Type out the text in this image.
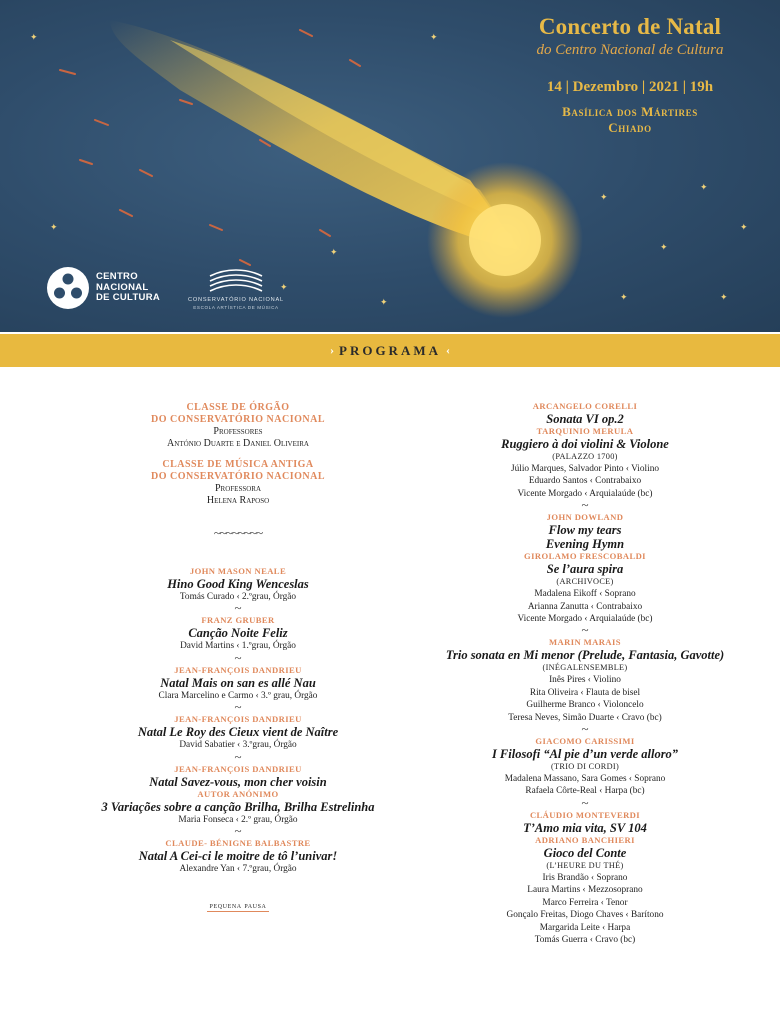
✦
✦
✦
✦
✦
✦
✦
✦
✦
✦
✦
✦
Concerto de Natal
do Centro Nacional de Cultura
14 | Dezembro | 2021 | 19h
Basílica dos Mártires
Chiado
CENTRO
NACIONAL
DE CULTURA	CONSERVATÓRIO NACIONAL
ESCOLA ARTÍSTICA DE MÚSICA
› PROGRAMA ‹
CLASSE DE ÓRGÃO
DO CONSERVATÓRIO NACIONAL
Professores
António Duarte e Daniel Oliveira
CLASSE DE MÚSICA ANTIGA
DO CONSERVATÓRIO NACIONAL
Professora
Helena Raposo
~~~~~~~~
JOHN MASON NEALE
Hino Good King Wenceslas
Tomás Curado ‹ 2.ºgrau, Órgão
~
FRANZ GRUBER
Canção Noite Feliz
David Martins ‹ 1.ºgrau, Órgão
~
JEAN-FRANÇOIS DANDRIEU
Natal Mais on san es allé Nau
Clara Marcelino e Carmo ‹ 3.º grau, Órgão
~
JEAN-FRANÇOIS DANDRIEU
Natal Le Roy des Cieux vient de Naître
David Sabatier ‹ 3.ºgrau, Órgão
~
JEAN-FRANÇOIS DANDRIEU
Natal Savez-vous, mon cher voisin
AUTOR ANÓNIMO
3 Variações sobre a canção Brilha, Brilha Estrelinha
Maria Fonseca ‹ 2.º grau, Órgão
~
CLAUDE- BÉNIGNE BALBASTRE
Natal A Cei-ci le moitre de tô l’univar!
Alexandre Yan ‹ 7.ºgrau, Órgão
pequena pausa
ARCANGELO CORELLI
Sonata VI op.2
TARQUINIO MERULA
Ruggiero à doi violini & Violone
(PALAZZO 1700)
Júlio Marques, Salvador Pinto ‹ Violino
Eduardo Santos ‹ Contrabaixo
Vicente Morgado ‹ Arquialaúde (bc)
~
JOHN DOWLAND
Flow my tears
Evening Hymn
GIROLAMO FRESCOBALDI
Se l’aura spira
(ARCHIVOCE)
Madalena Eikoff ‹ Soprano
Arianna Zanutta ‹ Contrabaixo
Vicente Morgado ‹ Arquialaúde (bc)
~
MARIN MARAIS
Trio sonata en Mi menor (Prelude, Fantasia, Gavotte)
(INÉGALENSEMBLE)
Inês Pires ‹ Violino
Rita Oliveira ‹ Flauta de bisel
Guilherme Branco ‹ Violoncelo
Teresa Neves, Simão Duarte ‹ Cravo (bc)
~
GIACOMO CARISSIMI
I Filosofi “Al pie d’un verde alloro”
(TRIO DI CORDI)
Madalena Massano, Sara Gomes ‹ Soprano
Rafaela Côrte-Real ‹ Harpa (bc)
~
CLÁUDIO MONTEVERDI
T’Amo mia vita, SV 104
ADRIANO BANCHIERI
Gioco del Conte
(L’HEURE DU THÉ)
Iris Brandão ‹ Soprano
Laura Martins ‹ Mezzosoprano
Marco Ferreira ‹ Tenor
Gonçalo Freitas, Diogo Chaves ‹ Barítono
Margarida Leite ‹ Harpa
Tomás Guerra ‹ Cravo (bc)
